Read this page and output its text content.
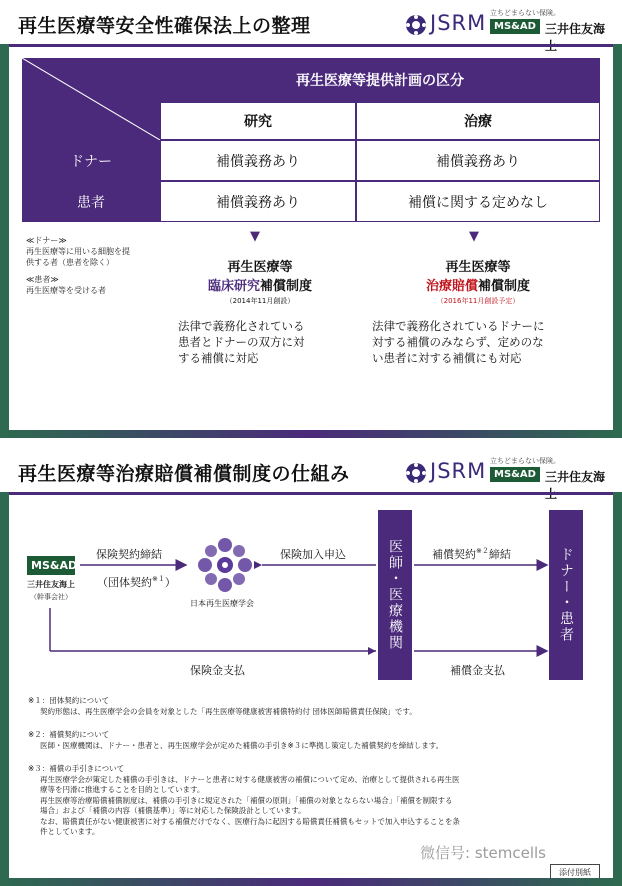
再生医療等安全性確保法上の整理	JSRM 立ちどまらない保険。
MS&AD 三井住友海
再生医療等提供計画の区分
研究	治療
ドナー	補償義務あり	補償義務あり
患者	補償義務あり	補償に関する定めなし
≪ドナー≫
再生医療等に用いる細胞を提
供する者（患者を除く）
≪患者≫
再生医療等を受ける者
▼	▼
再生医療等
臨床研究補償制度
（2014年11月創設）
再生医療等
治療賠償補償制度
（2016年11月創設予定）
法律で義務化されている
患者とドナーの双方に対
する補償に対応
法律で義務化されているドナーに
対する補償のみならず、定めのな
い患者に対する補償にも対応
再生医療等治療賠償補償制度の仕組み	JSRM 立ちどまらない保険。
MS&AD 三井住友海
MS&AD
三井住友海上
（幹事会社）
保険契約締結
（団体契約$^{※1}$）
日本再生医療学会
保険加入申込	医師・医療機関	補償契約$^{※2}$締結	ドナー・患者
保険金支払	補償金支払
※１：団体契約について
契約形態は、再生医療学会の会員を対象とした「再生医療等健康被害補償特約付 団体医師賠償責任保険」です。
※２：補償契約について
医師・医療機関は、ドナー・患者と、再生医療学会が定めた補償の手引き※３に準拠し策定した補償契約を締結します。
※３：補償の手引きについて
再生医療学会が策定した補償の手引きは、ドナーと患者に対する健康被害の補償について定め、治療として提供される再生医
療等を円滑に推進することを目的としています。
再生医療等治療賠償補償制度は、補償の手引きに規定された「補償の原則」「補償の対象とならない場合」「補償を制限する
場合」および「補償の内容（補償基準）」等に対応した保険設計としています。
なお、賠償責任がない健康被害に対する補償だけでなく、医療行為に起因する賠償責任補償もセットで加入申込することを条
件としています。
微信号: stemcells
添付別紙
